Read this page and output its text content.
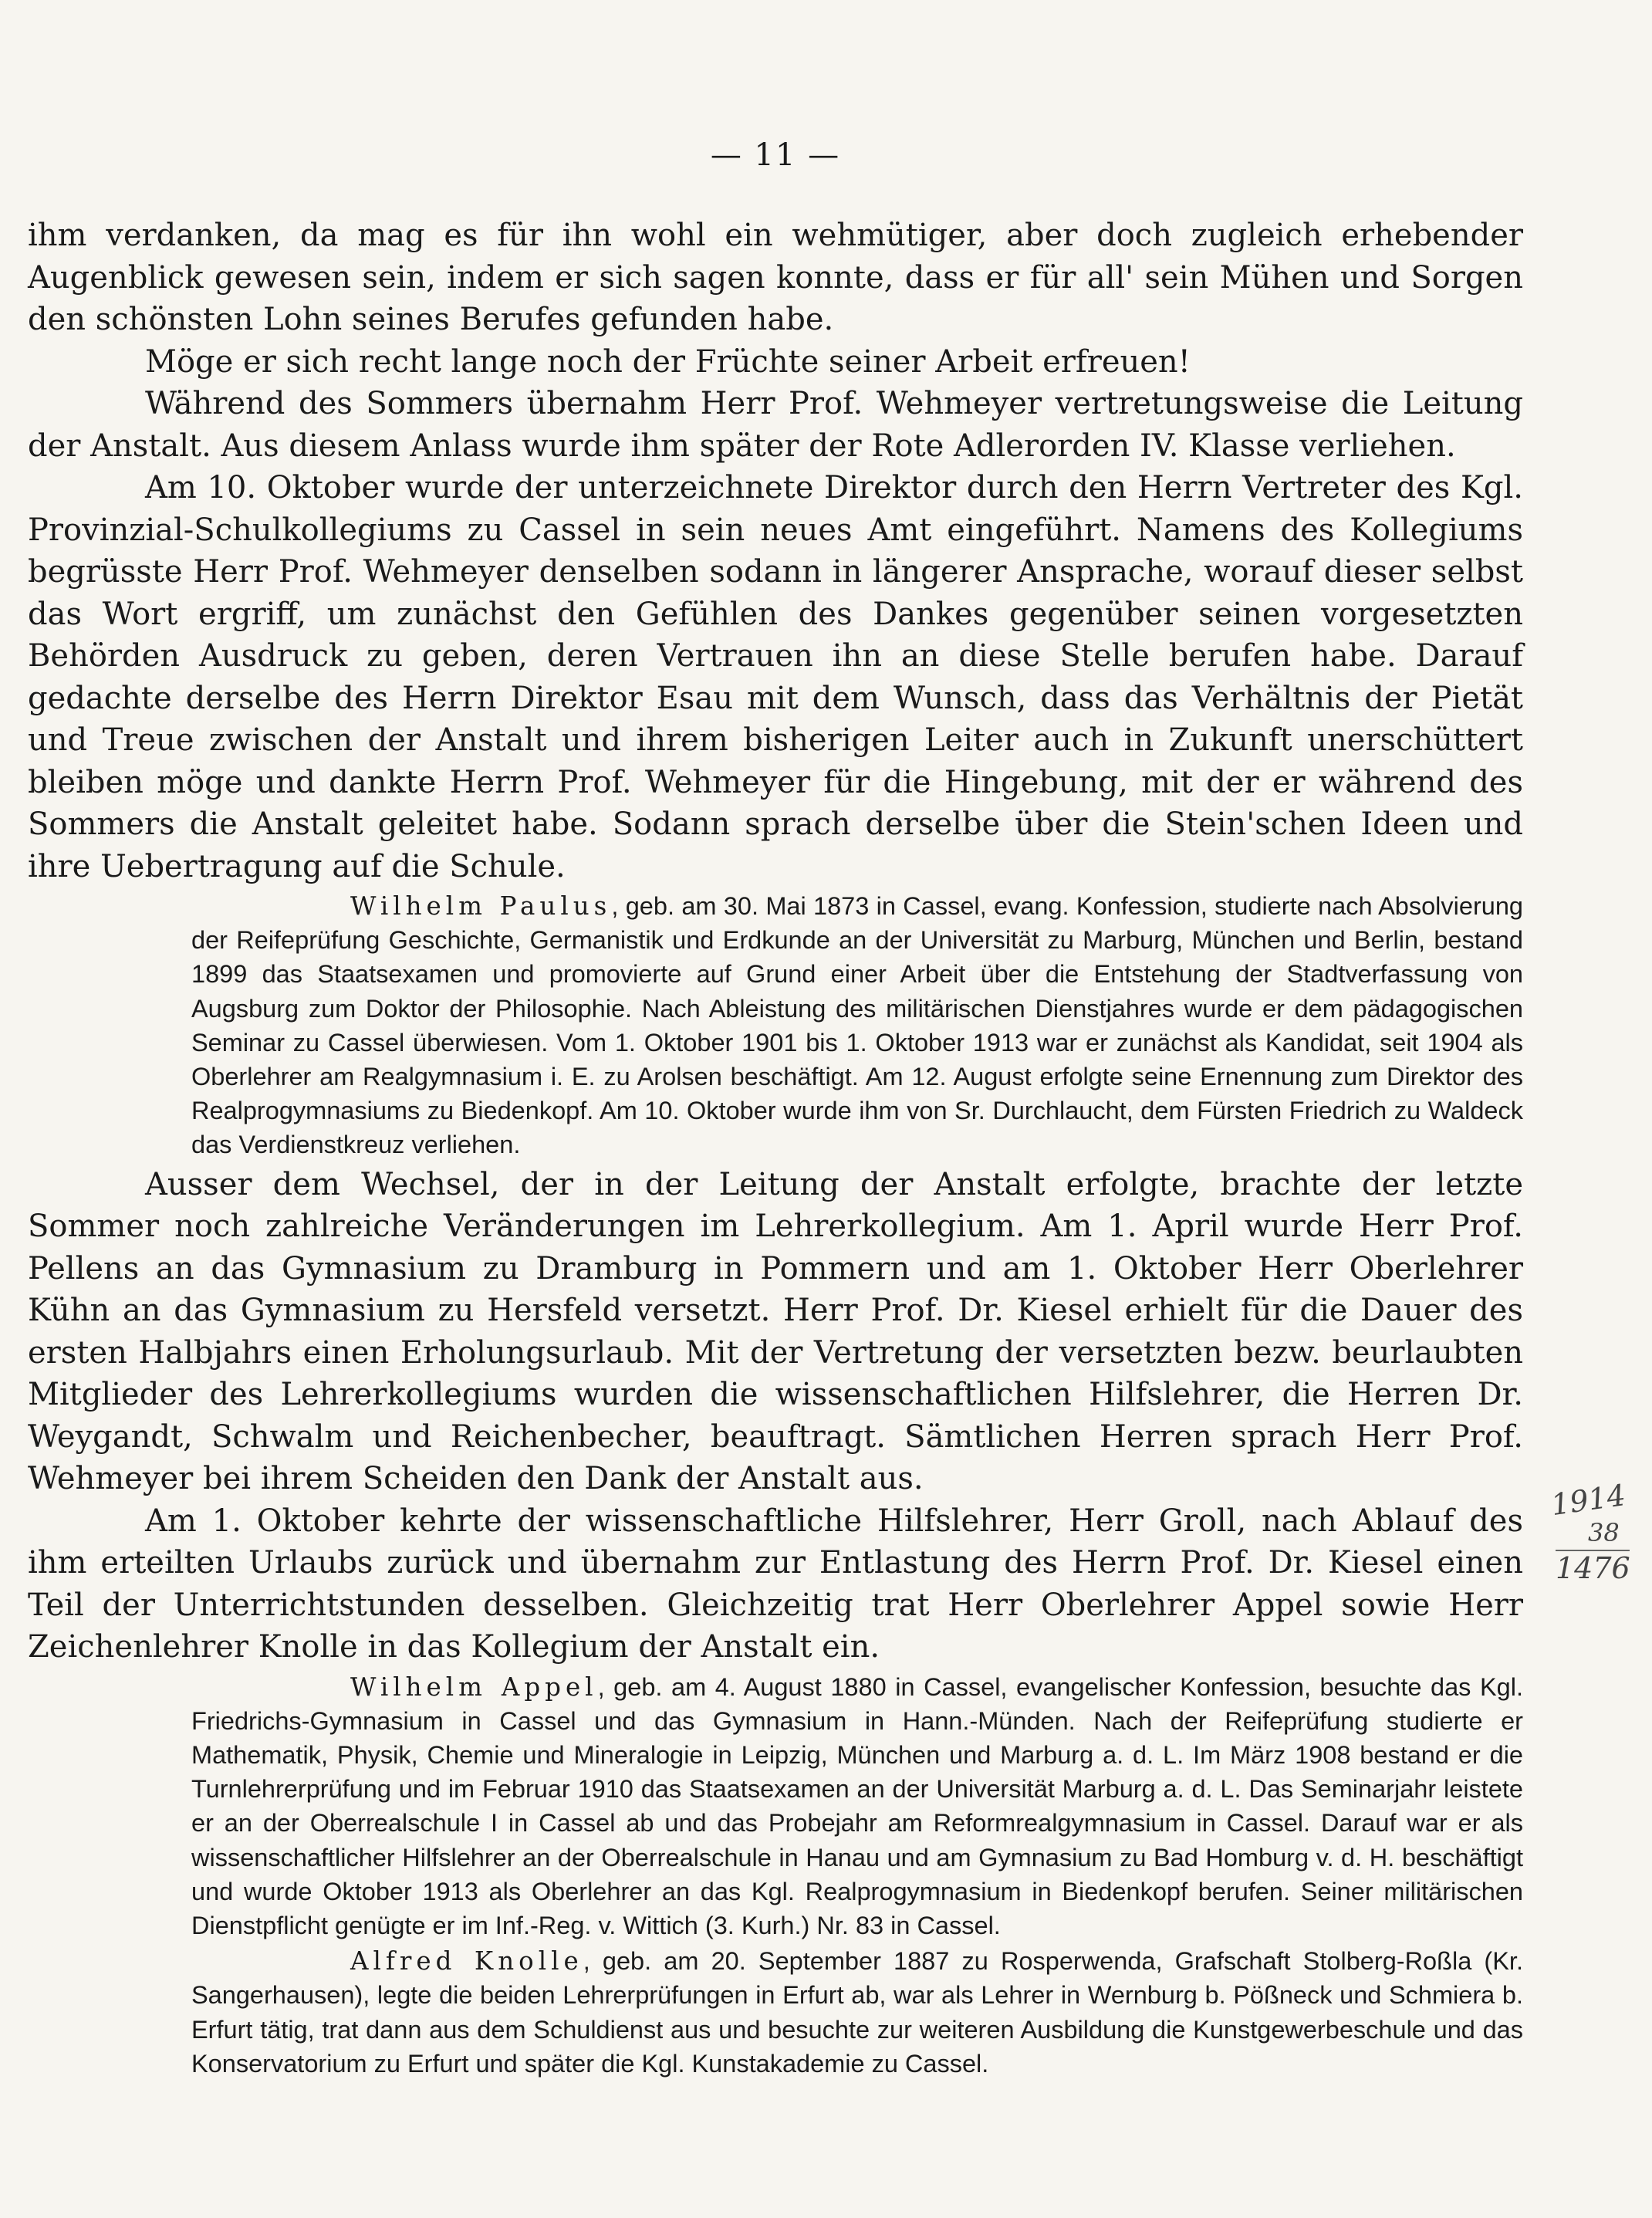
— 11 —

ihm verdanken, da mag es für ihn wohl ein wehmütiger, aber doch zugleich erhebender Augenblick gewesen sein, indem er sich sagen konnte, dass er für all' sein Mühen und Sorgen den schönsten Lohn seines Berufes gefunden habe.

Möge er sich recht lange noch der Früchte seiner Arbeit erfreuen!

Während des Sommers übernahm Herr Prof. Wehmeyer vertretungsweise die Leitung der Anstalt. Aus diesem Anlass wurde ihm später der Rote Adlerorden IV. Klasse verliehen.

Am 10. Oktober wurde der unterzeichnete Direktor durch den Herrn Vertreter des Kgl. Provinzial-Schulkollegiums zu Cassel in sein neues Amt eingeführt. Namens des Kollegiums begrüsste Herr Prof. Wehmeyer denselben sodann in längerer Ansprache, worauf dieser selbst das Wort ergriff, um zunächst den Gefühlen des Dankes gegenüber seinen vorgesetzten Behörden Ausdruck zu geben, deren Vertrauen ihn an diese Stelle berufen habe. Darauf gedachte derselbe des Herrn Direktor Esau mit dem Wunsch, dass das Verhältnis der Pietät und Treue zwischen der Anstalt und ihrem bisherigen Leiter auch in Zukunft unerschüttert bleiben möge und dankte Herrn Prof. Wehmeyer für die Hingebung, mit der er während des Sommers die Anstalt geleitet habe. Sodann sprach derselbe über die Stein'schen Ideen und ihre Uebertragung auf die Schule.

Wilhelm Paulus, geb. am 30. Mai 1873 in Cassel, evang. Konfession, studierte nach Absolvierung der Reifeprüfung Geschichte, Germanistik und Erdkunde an der Universität zu Marburg, München und Berlin, bestand 1899 das Staatsexamen und promovierte auf Grund einer Arbeit über die Entstehung der Stadtverfassung von Augsburg zum Doktor der Philosophie. Nach Ableistung des militärischen Dienstjahres wurde er dem pädagogischen Seminar zu Cassel überwiesen. Vom 1. Oktober 1901 bis 1. Oktober 1913 war er zunächst als Kandidat, seit 1904 als Oberlehrer am Realgymnasium i. E. zu Arolsen beschäftigt. Am 12. August erfolgte seine Ernennung zum Direktor des Realprogymnasiums zu Biedenkopf. Am 10. Oktober wurde ihm von Sr. Durchlaucht, dem Fürsten Friedrich zu Waldeck das Verdienstkreuz verliehen.

Ausser dem Wechsel, der in der Leitung der Anstalt erfolgte, brachte der letzte Sommer noch zahlreiche Veränderungen im Lehrerkollegium. Am 1. April wurde Herr Prof. Pellens an das Gymnasium zu Dramburg in Pommern und am 1. Oktober Herr Oberlehrer Kühn an das Gymnasium zu Hersfeld versetzt. Herr Prof. Dr. Kiesel erhielt für die Dauer des ersten Halbjahrs einen Erholungsurlaub. Mit der Vertretung der versetzten bezw. beurlaubten Mitglieder des Lehrerkollegiums wurden die wissenschaftlichen Hilfslehrer, die Herren Dr. Weygandt, Schwalm und Reichenbecher, beauftragt. Sämtlichen Herren sprach Herr Prof. Wehmeyer bei ihrem Scheiden den Dank der Anstalt aus.

Am 1. Oktober kehrte der wissenschaftliche Hilfslehrer, Herr Groll, nach Ablauf des ihm erteilten Urlaubs zurück und übernahm zur Entlastung des Herrn Prof. Dr. Kiesel einen Teil der Unterrichtstunden desselben. Gleichzeitig trat Herr Oberlehrer Appel sowie Herr Zeichenlehrer Knolle in das Kollegium der Anstalt ein.

Wilhelm Appel, geb. am 4. August 1880 in Cassel, evangelischer Konfession, besuchte das Kgl. Friedrichs-Gymnasium in Cassel und das Gymnasium in Hann.-Münden. Nach der Reifeprüfung studierte er Mathematik, Physik, Chemie und Mineralogie in Leipzig, München und Marburg a. d. L. Im März 1908 bestand er die Turnlehrerprüfung und im Februar 1910 das Staatsexamen an der Universität Marburg a. d. L. Das Seminarjahr leistete er an der Oberrealschule I in Cassel ab und das Probejahr am Reformrealgymnasium in Cassel. Darauf war er als wissenschaftlicher Hilfslehrer an der Oberrealschule in Hanau und am Gymnasium zu Bad Homburg v. d. H. beschäftigt und wurde Oktober 1913 als Oberlehrer an das Kgl. Realprogymnasium in Biedenkopf berufen. Seiner militärischen Dienstpflicht genügte er im Inf.-Reg. v. Wittich (3. Kurh.) Nr. 83 in Cassel.

Alfred Knolle, geb. am 20. September 1887 zu Rosperwenda, Grafschaft Stolberg-Roßla (Kr. Sangerhausen), legte die beiden Lehrerprüfungen in Erfurt ab, war als Lehrer in Wernburg b. Pößneck und Schmiera b. Erfurt tätig, trat dann aus dem Schuldienst aus und besuchte zur weiteren Ausbildung die Kunstgewerbeschule und das Konservatorium zu Erfurt und später die Kgl. Kunstakademie zu Cassel.

1914
38
1476
